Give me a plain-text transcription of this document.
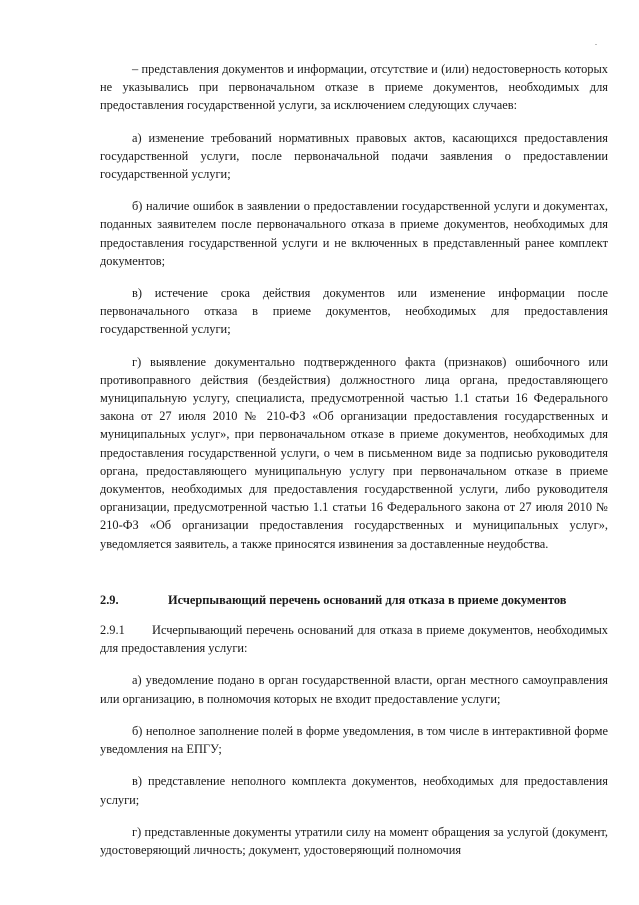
– представления документов и информации, отсутствие и (или) недостоверность которых не указывались при первоначальном отказе в приеме документов, необходимых для предоставления государственной услуги, за исключением следующих случаев:

а) изменение требований нормативных правовых актов, касающихся предоставления государственной услуги, после первоначальной подачи заявления о предоставлении государственной услуги;

б) наличие ошибок в заявлении о предоставлении государственной услуги и документах, поданных заявителем после первоначального отказа в приеме документов, необходимых для предоставления государственной услуги и не включенных в представленный ранее комплект документов;

в) истечение срока действия документов или изменение информации после первоначального отказа в приеме документов, необходимых для предоставления государственной услуги;

г) выявление документально подтвержденного факта (признаков) ошибочного или противоправного действия (бездействия) должностного лица органа, предоставляющего муниципальную услугу, специалиста, предусмотренной частью 1.1 статьи 16 Федерального закона от 27 июля 2010 № 210-ФЗ «Об организации предоставления государственных и муниципальных услуг», при первоначальном отказе в приеме документов, необходимых для предоставления государственной услуги, о чем в письменном виде за подписью руководителя органа, предоставляющего муниципальную услугу при первоначальном отказе в приеме документов, необходимых для предоставления государственной услуги, либо руководителя организации, предусмотренной частью 1.1 статьи 16 Федерального закона от 27 июля 2010 № 210-ФЗ «Об организации предоставления государственных и муниципальных услуг», уведомляется заявитель, а также приносятся извинения за доставленные неудобства.

2.9.	Исчерпывающий перечень оснований для отказа в приеме документов

2.9.1 Исчерпывающий перечень оснований для отказа в приеме документов, необходимых для предоставления услуги:

а) уведомление подано в орган государственной власти, орган местного самоуправления или организацию, в полномочия которых не входит предоставление услуги;

б) неполное заполнение полей в форме уведомления, в том числе в интерактивной форме уведомления на ЕПГУ;

в) представление неполного комплекта документов, необходимых для предоставления услуги;

г) представленные документы утратили силу на момент обращения за услугой (документ, удостоверяющий личность; документ, удостоверяющий полномочия
